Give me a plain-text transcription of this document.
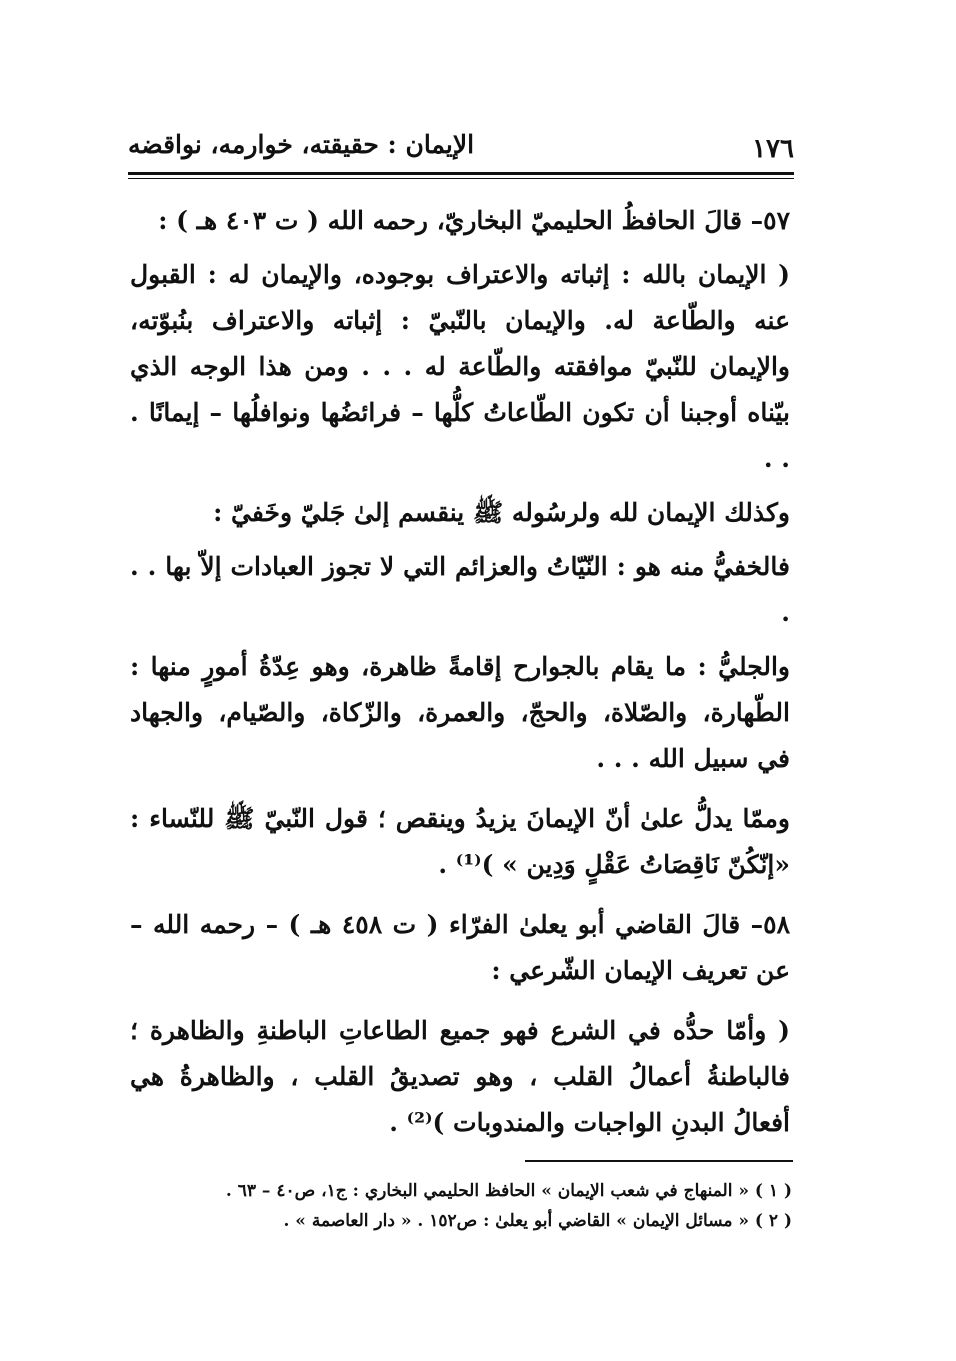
١٧٦
الإيمان : حقيقته، خوارمه، نواقضه

٥٧– قالَ الحافظُ الحليميّ البخاريّ، رحمه الله ( ت ٤٠٣ هـ ) :

( الإيمان بالله : إثباته والاعتراف بوجوده، والإيمان له : القبول عنه والطّاعة له. والإيمان بالنّبيّ : إثباته والاعتراف بنُبوّته، والإيمان للنّبيّ موافقته والطّاعة له . . . ومن هذا الوجه الذي بيّناه أوجبنا أن تكون الطّاعاتُ كلُّها – فرائضُها ونوافلُها – إيمانًا . . .

وكذلك الإيمان لله ولرسُوله ﷺ ينقسم إلىٰ جَليّ وخَفيّ :

فالخفيُّ منه هو : النّيّاتُ والعزائم التي لا تجوز العبادات إلاّ بها . . .

والجليُّ : ما يقام بالجوارح إقامةً ظاهرة، وهو عِدّةُ أمورٍ منها : الطّهارة، والصّلاة، والحجّ، والعمرة، والزّكاة، والصّيام، والجهاد في سبيل الله . . .

وممّا يدلُّ علىٰ أنّ الإيمانَ يزيدُ وينقص ؛ قول النّبيّ ﷺ للنّساء : «إنّكُنّ نَاقِصَاتُ عَقْلٍ وَدِين » )⁽¹⁾ .

٥٨– قالَ القاضي أبو يعلىٰ الفرّاء ( ت ٤٥٨ هـ ) – رحمه الله – عن تعريف الإيمان الشّرعي :

( وأمّا حدُّه في الشرع فهو جميع الطاعاتِ الباطنةِ والظاهرة ؛ فالباطنةُ أعمالُ القلب ، وهو تصديقُ القلب ، والظاهرةُ هي أفعالُ البدنِ الواجبات والمندوبات )⁽²⁾ .

( ١ ) « المنهاج في شعب الإيمان » الحافظ الحليمي البخاري : ج١، ص٤٠ – ٦٣ .

( ٢ ) « مسائل الإيمان » القاضي أبو يعلىٰ : ص١٥٢ . « دار العاصمة » .
